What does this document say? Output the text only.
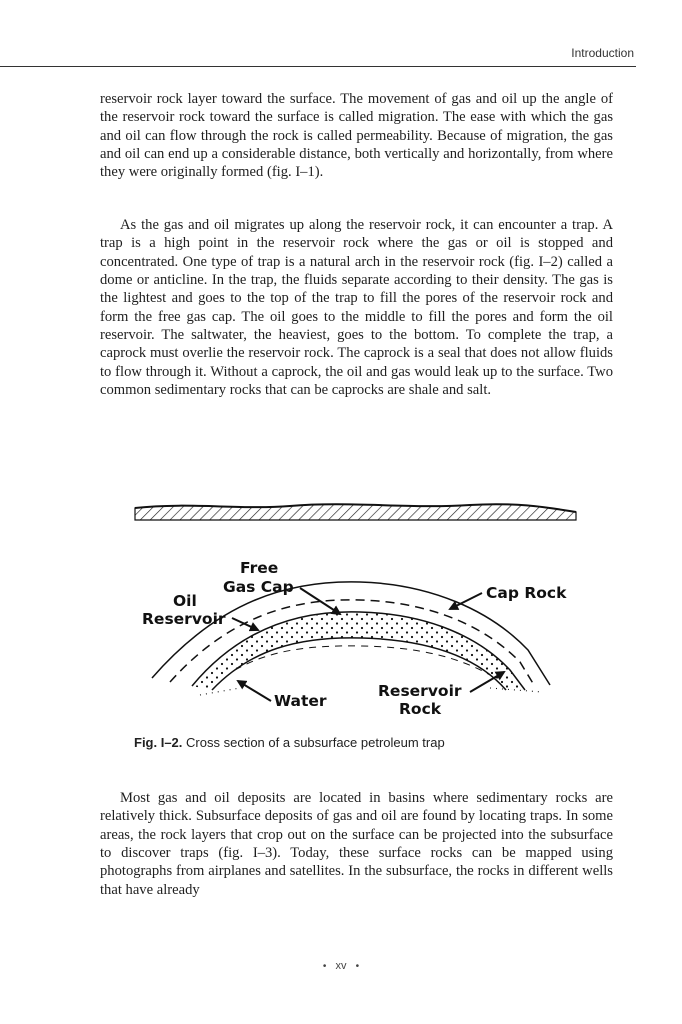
Introduction

reservoir rock layer toward the surface. The movement of gas and oil up the angle of the reservoir rock toward the surface is called migration. The ease with which the gas and oil can flow through the rock is called permeability. Because of migration, the gas and oil can end up a considerable distance, both vertically and horizontally, from where they were originally formed (fig. I–1).

As the gas and oil migrates up along the reservoir rock, it can encounter a trap. A trap is a high point in the reservoir rock where the gas or oil is stopped and concentrated. One type of trap is a natural arch in the reservoir rock (fig. I–2) called a dome or anticline. In the trap, the fluids separate according to their density. The gas is the lightest and goes to the top of the trap to fill the pores of the reservoir rock and form the free gas cap. The oil goes to the middle to fill the pores and form the oil reservoir. The saltwater, the heaviest, goes to the bottom. To complete the trap, a caprock must overlie the reservoir rock. The caprock is a seal that does not allow fluids to flow through it. Without a caprock, the oil and gas would leak up to the surface. Two common sedimentary rocks that can be caprocks are shale and salt.

Free
Gas Cap
Oil
Reservoir
Cap Rock
Water
Reservoir
Rock
Fig. I–2. Cross section of a subsurface petroleum trap

Most gas and oil deposits are located in basins where sedimentary rocks are relatively thick. Subsurface deposits of gas and oil are found by locating traps. In some areas, the rock layers that crop out on the surface can be projected into the subsurface to discover traps (fig. I–3). Today, these surface rocks can be mapped using photographs from airplanes and satellites. In the subsurface, the rocks in different wells that have already

• xv •
